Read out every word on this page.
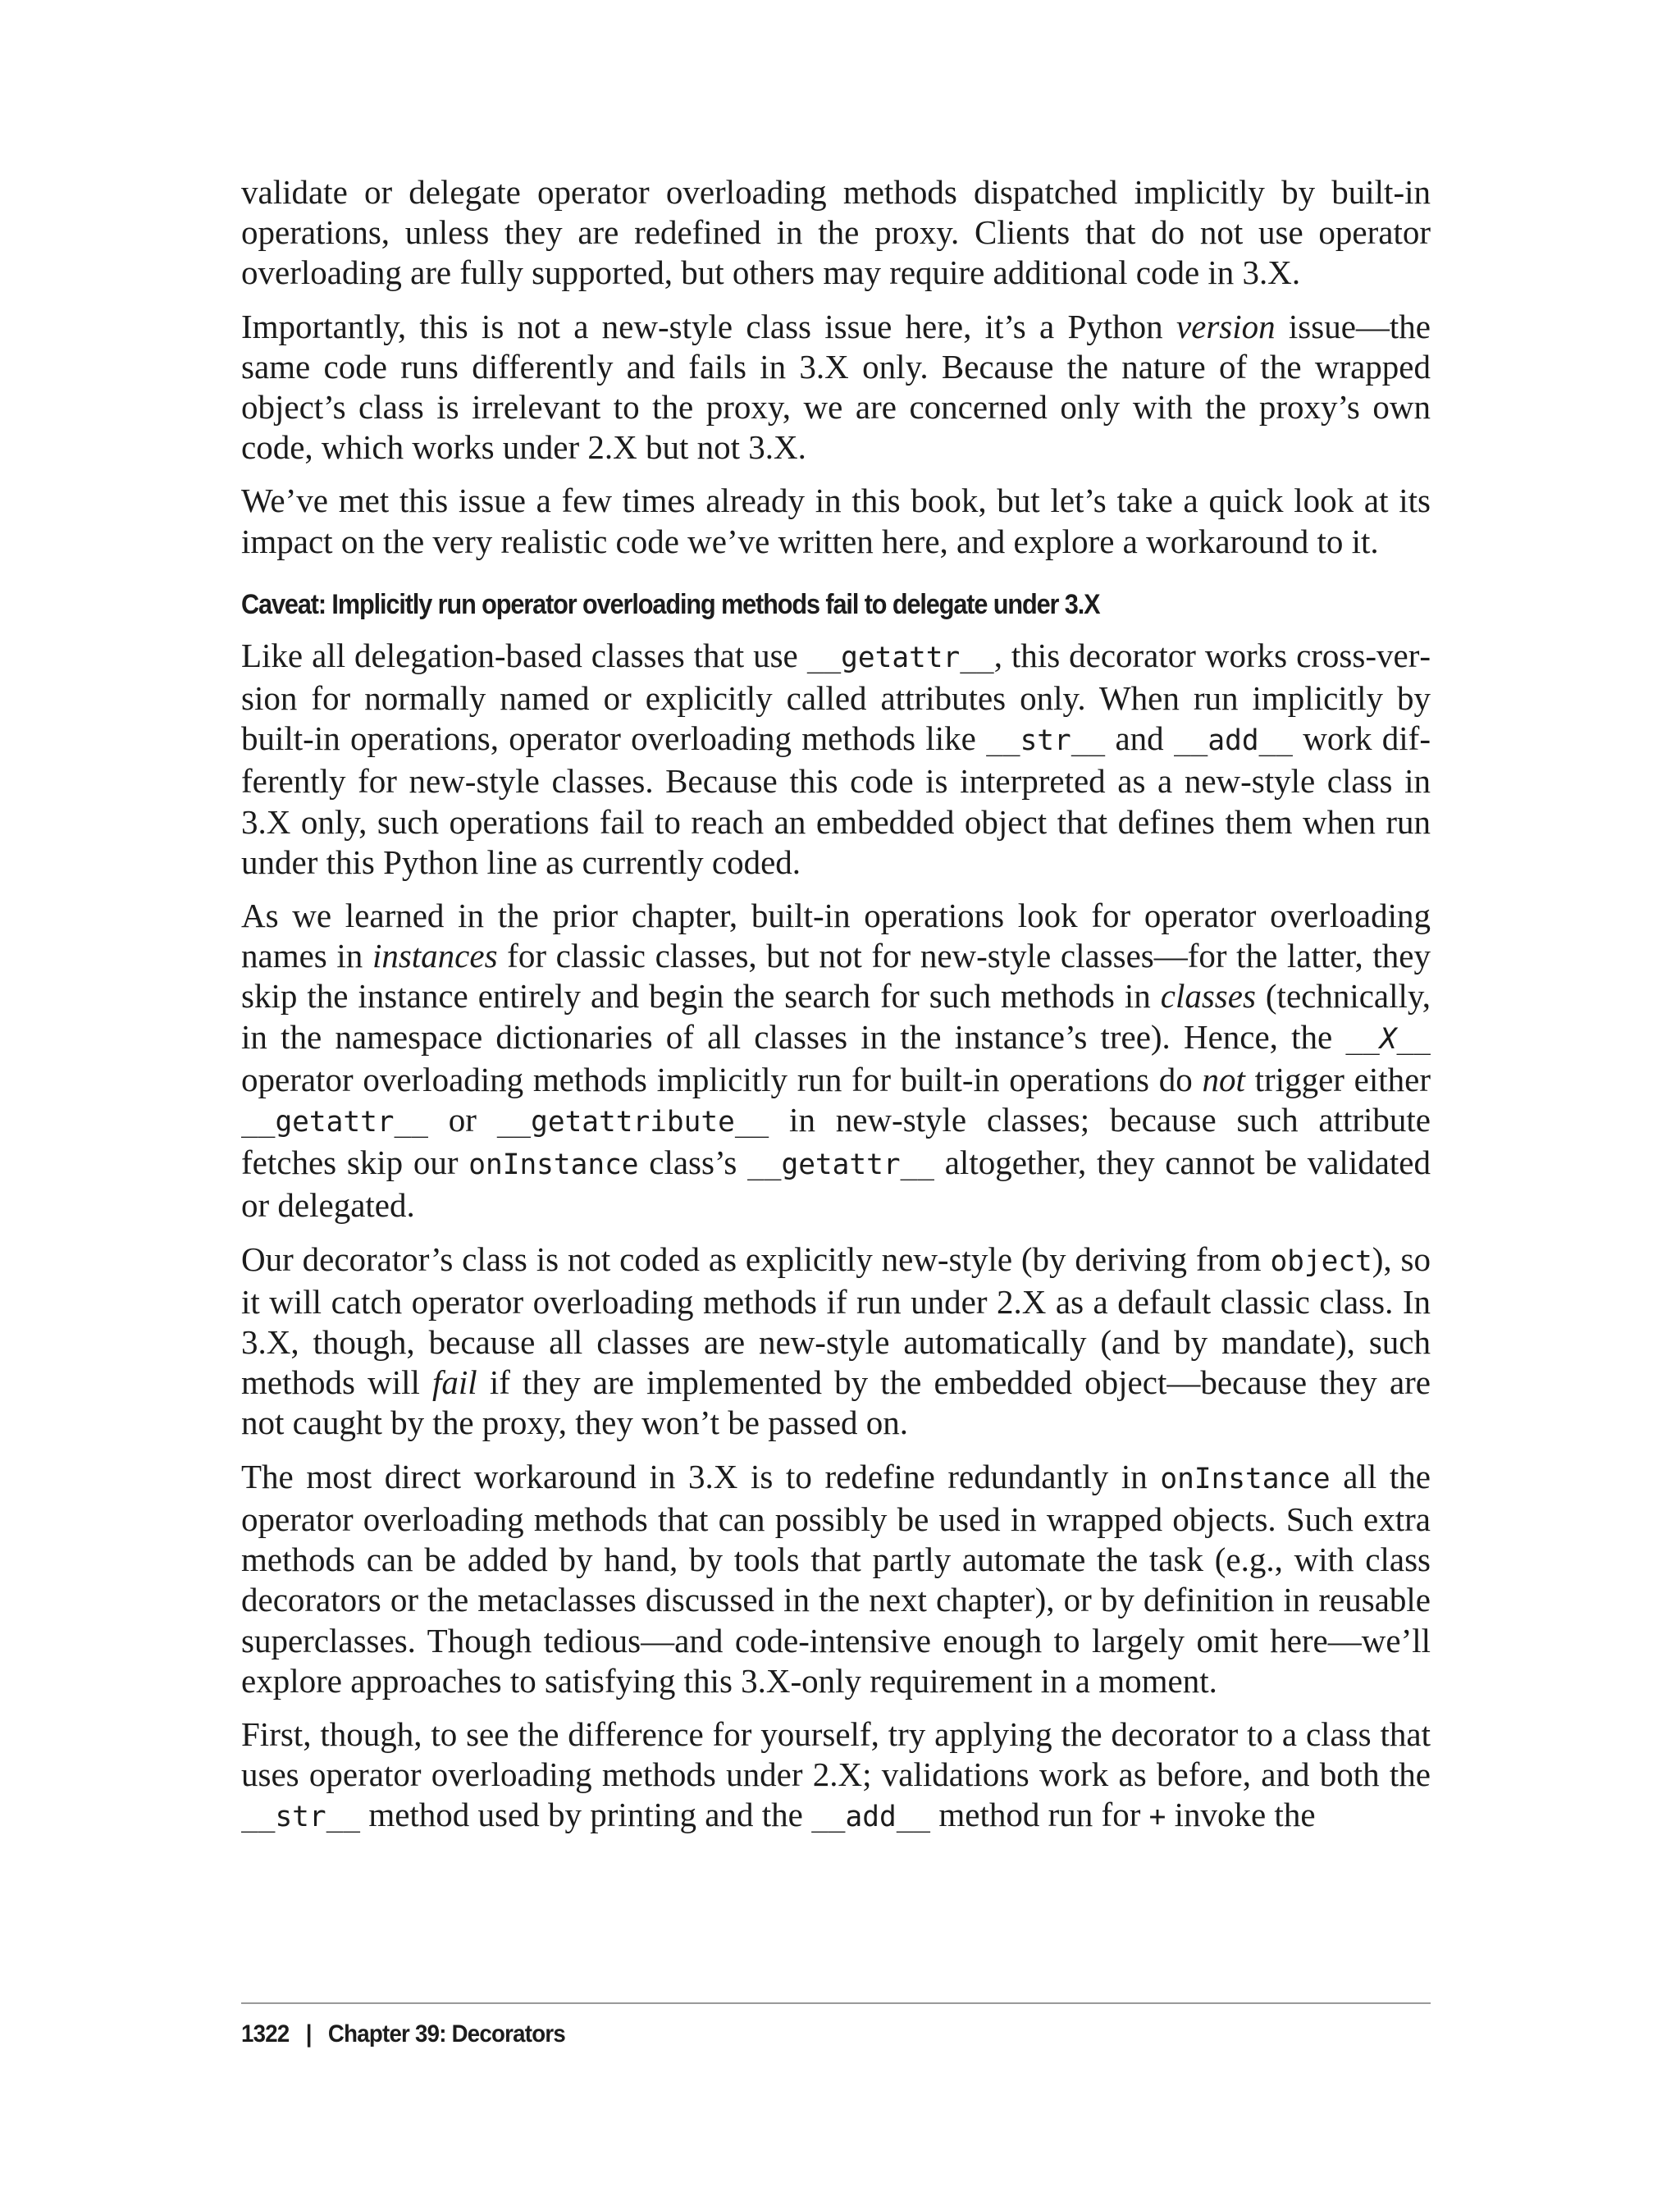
validate or delegate operator overloading methods dispatched implicitly by built-in operations, unless they are redefined in the proxy. Clients that do not use operator overloading are fully supported, but others may require additional code in 3.X.

Importantly, this is not a new-style class issue here, it’s a Python version issue—the same code runs differently and fails in 3.X only. Because the nature of the wrapped object’s class is irrelevant to the proxy, we are concerned only with the proxy’s own code, which works under 2.X but not 3.X.

We’ve met this issue a few times already in this book, but let’s take a quick look at its impact on the very realistic code we’ve written here, and explore a workaround to it.

Caveat: Implicitly run operator overloading methods fail to delegate under 3.X

Like all delegation-based classes that use __getattr__, this decorator works cross-version for normally named or explicitly called attributes only. When run implicitly by built-in operations, operator overloading methods like __str__ and __add__ work differently for new-style classes. Because this code is interpreted as a new-style class in 3.X only, such operations fail to reach an embedded object that defines them when run under this Python line as currently coded.

As we learned in the prior chapter, built-in operations look for operator overloading names in instances for classic classes, but not for new-style classes—for the latter, they skip the instance entirely and begin the search for such methods in classes (technically, in the namespace dictionaries of all classes in the instance’s tree). Hence, the __X__ operator overloading methods implicitly run for built-in operations do not trigger either __getattr__ or __getattribute__ in new-style classes; because such attribute fetches skip our onInstance class’s __getattr__ altogether, they cannot be validated or delegated.

Our decorator’s class is not coded as explicitly new-style (by deriving from object), so it will catch operator overloading methods if run under 2.X as a default classic class. In 3.X, though, because all classes are new-style automatically (and by mandate), such methods will fail if they are implemented by the embedded object—because they are not caught by the proxy, they won’t be passed on.

The most direct workaround in 3.X is to redefine redundantly in onInstance all the operator overloading methods that can possibly be used in wrapped objects. Such extra methods can be added by hand, by tools that partly automate the task (e.g., with class decorators or the metaclasses discussed in the next chapter), or by definition in reusable superclasses. Though tedious—and code-intensive enough to largely omit here—we’ll explore approaches to satisfying this 3.X-only requirement in a moment.

First, though, to see the difference for yourself, try applying the decorator to a class that uses operator overloading methods under 2.X; validations work as before, and both the __str__ method used by printing and the __add__ method run for + invoke the

1322 | Chapter 39: Decorators
